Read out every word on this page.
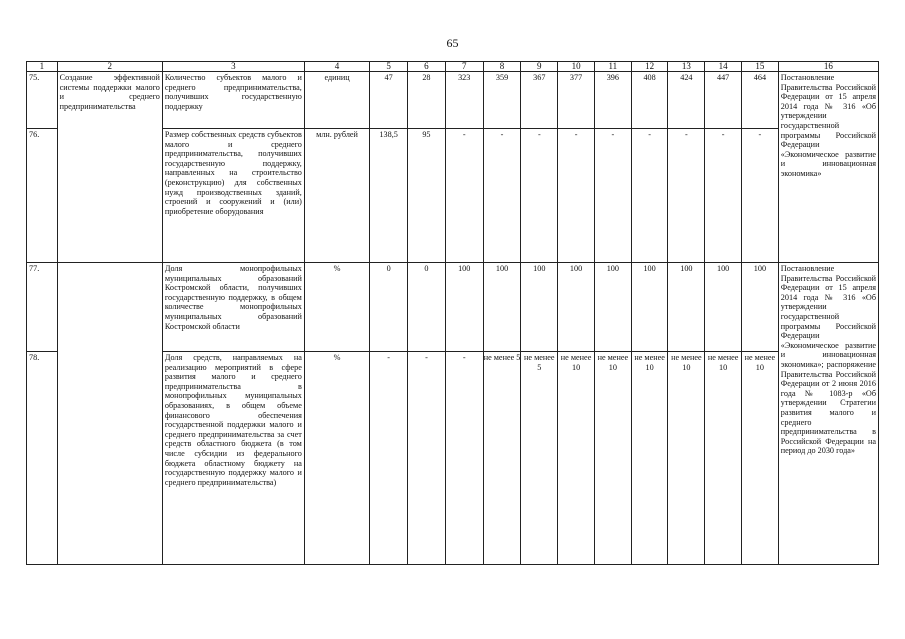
65
1	2	3	4	5	6	7	8	9	10	11	12	13	14	15	16
75.	Создание эффективной системы поддержки малого и среднего предпринимательства	Количество субъектов малого и среднего предпринимательства, получивших государственную поддержку	единиц	47	28	323	359	367	377	396	408	424	447	464	Постановление Правительства Российской Федерации от 15 апреля 2014 года № 316 «Об утверждении государственной программы Российской Федерации «Экономическое развитие и инновационная экономика»
76.		Размер собственных средств субъектов малого и среднего предпринимательства, получивших государственную поддержку, направленных на строительство (реконструкцию) для собственных нужд производственных зданий, строений и сооружений и (или) приобретение оборудования	млн. рублей	138,5	95	-	-	-	-	-	-	-	-	-	
77.		Доля монопрофильных муниципальных образований Костромской области, получивших государственную поддержку, в общем количестве монопрофильных муниципальных образований Костромской области	%	0	0	100	100	100	100	100	100	100	100	100	Постановление Правительства Российской Федерации от 15 апреля 2014 года № 316 «Об утверждении государственной программы Российской Федерации «Экономическое развитие и инновационная экономика»; распоряжение Правительства Российской Федерации от 2 июня 2016 года № 1083-р «Об утверждении Стратегии развития малого и среднего предпринимательства в Российской Федерации на период до 2030 года»
78.		Доля средств, направляемых на реализацию мероприятий в сфере развития малого и среднего предпринимательства в монопрофильных муниципальных образованиях, в общем объеме финансового обеспечения государственной поддержки малого и среднего предпринимательства за счет средств областного бюджета (в том числе субсидии из федерального бюджета областному бюджету на государственную поддержку малого и среднего предпринимательства)	%	-	-	-	не менее 5	не менее 5	не менее 10	не менее 10	не менее 10	не менее 10	не менее 10	не менее 10	
